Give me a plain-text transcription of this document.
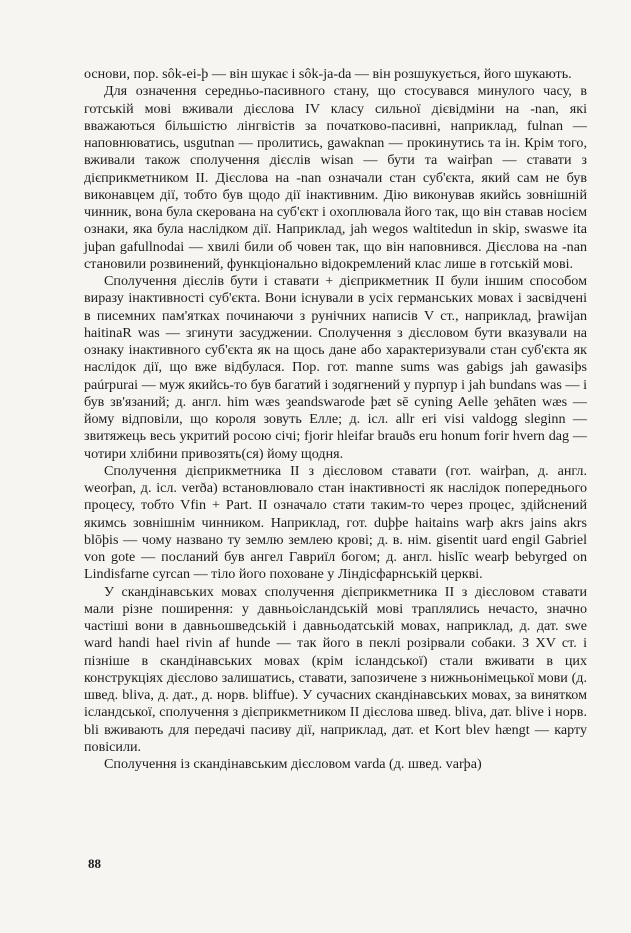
основи, пор. sôk-ei-þ — він шукає і sôk-ja-da — він розшукується, його шукають.

Для означення середньо-пасивного стану, що стосувався минулого часу, в готській мові вживали дієслова IV класу сильної дієвідміни на -nan, які вважаються більшістю лінгвістів за початково-пасивні, наприклад, fulnan — наповнюватись, usgutnan — пролитись, gawaknan — прокинутись та ін. Крім того, вживали також сполучення дієслів wisan — бути та wairþan — ставати з дієприкметником II. Дієслова на -nan означали стан суб'єкта, який сам не був виконавцем дії, тобто був щодо дії інактивним. Дію виконував якийсь зовнішній чинник, вона була скерована на суб'єкт і охоплювала його так, що він ставав носієм ознаки, яка була наслідком дії. Наприклад, jah wegos waltitedun in skip, swaswe ita juþan gafullnodai — хвилі били об човен так, що він наповнився. Дієслова на -nan становили розвинений, функціонально відокремлений клас лише в готській мові.

Сполучення дієслів бути і ставати + дієприкметник II були іншим способом виразу інактивності суб'єкта. Вони існували в усіх германських мовах і засвідчені в писемних пам'ятках починаючи з рунічних написів V ст., наприклад, þrawijan haitinaR was — згинути засуджении. Сполучення з дієсловом бути вказували на ознаку інактивного суб'єкта як на щось дане або характеризували стан суб'єкта як наслідок дії, що вже відбулася. Пор. гот. manne sums was gabigs jah gawasiþs paúrpurai — муж якийсь-то був багатий і зодягнений у пурпур і jah bundans was — і був зв'язаний; д. англ. him wæs ȝeandswarode þæt sē cyning Aelle ȝehāten wæs — йому відповіли, що короля зовуть Елле; д. ісл. allr eri visi valdogg sleginn — звитяжець весь укритий росою січі; fjorir hleifar brauðs eru honum forir hvern dag — чотири хлібини привозять(ся) йому щодня.

Сполучення дієприкметника II з дієсловом ставати (гот. wairþan, д. англ. weorþan, д. ісл. verða) встановлювало стан інактивності як наслідок попереднього процесу, тобто Vfin + Part. II означало стати таким-то через процес, здійснений якимсь зовнішнім чинником. Наприклад, гот. duþþe haitains warþ akrs jains akrs blōþis — чому названо ту землю землею крові; д. в. нім. gisentit uard engil Gabriel von gote — посланий був ангел Гавриїл богом; д. англ. hislīc wearþ bebyrged on Lindisfarne cyrcan — тіло його поховане у Ліндісфарнській церкві.

У скандінавських мовах сполучення дієприкметника II з дієсловом ставати мали різне поширення: у давньоісландській мові траплялись нечасто, значно частіші вони в давньошведській і давньодатській мовах, наприклад, д. дат. swe ward handi hael rivin af hunde — так його в пеклі розірвали собаки. З XV ст. і пізніше в скандінавських мовах (крім ісландської) стали вживати в цих конструкціях дієслово залишатись, ставати, запозичене з нижньонімецької мови (д. швед. bliva, д. дат., д. норв. bliffue). У сучасних скандінавських мовах, за винятком ісландської, сполучення з дієприкметником II дієслова швед. bliva, дат. blive і норв. bli вживають для передачі пасиву дії, наприклад, дат. et Kort blev hængt — карту повісили.

Сполучення із скандінавським дієсловом varda (д. швед. varþa)

88
